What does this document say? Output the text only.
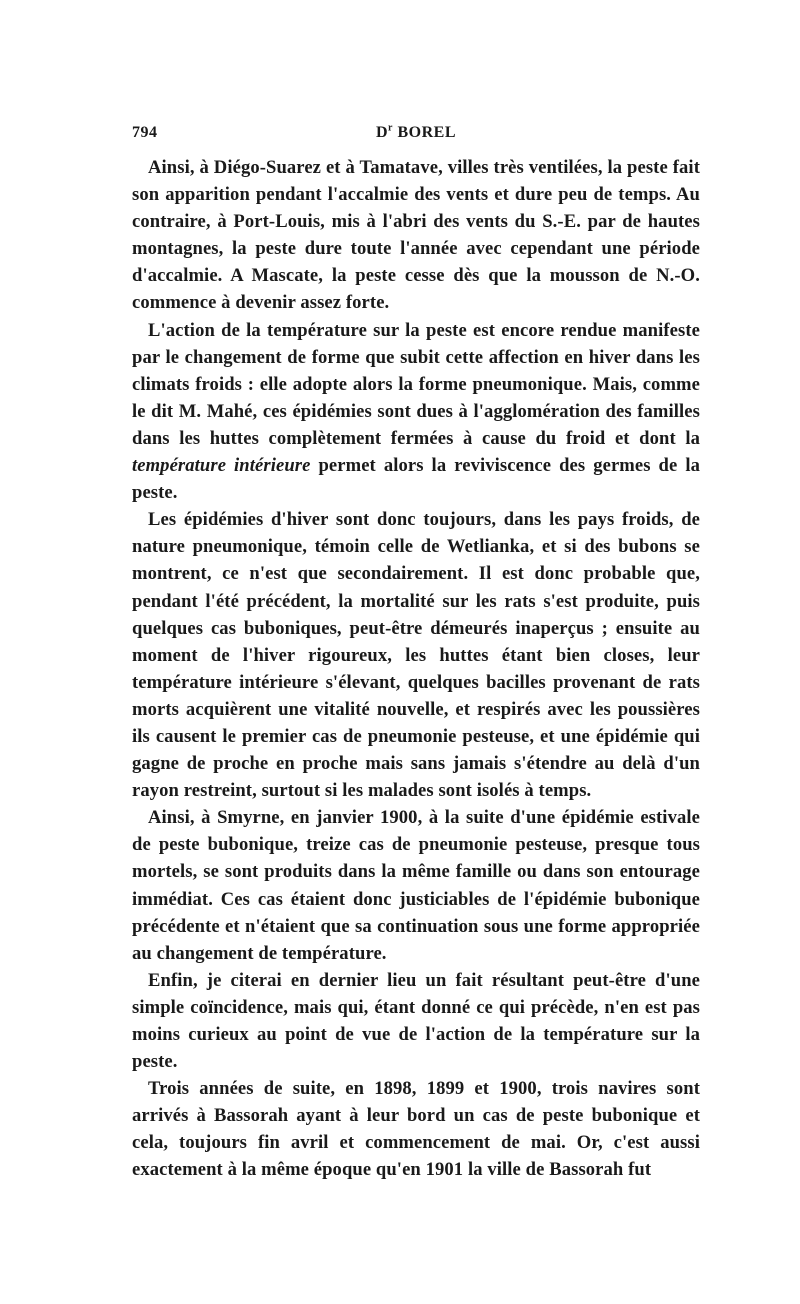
794	$D^r$ BOREL

Ainsi, à Diégo-Suarez et à Tamatave, villes très ventilées, la peste fait son apparition pendant l'accalmie des vents et dure peu de temps. Au contraire, à Port-Louis, mis à l'abri des vents du S.-E. par de hautes montagnes, la peste dure toute l'année avec cependant une période d'accalmie. A Mascate, la peste cesse dès que la mousson de N.-O. commence à devenir assez forte.

L'action de la température sur la peste est encore rendue manifeste par le changement de forme que subit cette affection en hiver dans les climats froids : elle adopte alors la forme pneumonique. Mais, comme le dit M. Mahé, ces épidémies sont dues à l'agglomération des familles dans les huttes complètement fermées à cause du froid et dont la température intérieure permet alors la reviviscence des germes de la peste.

Les épidémies d'hiver sont donc toujours, dans les pays froids, de nature pneumonique, témoin celle de Wetlianka, et si des bubons se montrent, ce n'est que secondairement. Il est donc probable que, pendant l'été précédent, la mortalité sur les rats s'est produite, puis quelques cas buboniques, peut-être démeurés inaperçus ; ensuite au moment de l'hiver rigoureux, les huttes étant bien closes, leur température intérieure s'élevant, quelques bacilles provenant de rats morts acquièrent une vitalité nouvelle, et respirés avec les poussières ils causent le premier cas de pneumonie pesteuse, et une épidémie qui gagne de proche en proche mais sans jamais s'étendre au delà d'un rayon restreint, surtout si les malades sont isolés à temps.

Ainsi, à Smyrne, en janvier 1900, à la suite d'une épidémie estivale de peste bubonique, treize cas de pneumonie pesteuse, presque tous mortels, se sont produits dans la même famille ou dans son entourage immédiat. Ces cas étaient donc justiciables de l'épidémie bubonique précédente et n'étaient que sa continuation sous une forme appropriée au changement de température.

Enfin, je citerai en dernier lieu un fait résultant peut-être d'une simple coïncidence, mais qui, étant donné ce qui précède, n'en est pas moins curieux au point de vue de l'action de la température sur la peste.

Trois années de suite, en 1898, 1899 et 1900, trois navires sont arrivés à Bassorah ayant à leur bord un cas de peste bubonique et cela, toujours fin avril et commencement de mai. Or, c'est aussi exactement à la même époque qu'en 1901 la ville de Bassorah fut
